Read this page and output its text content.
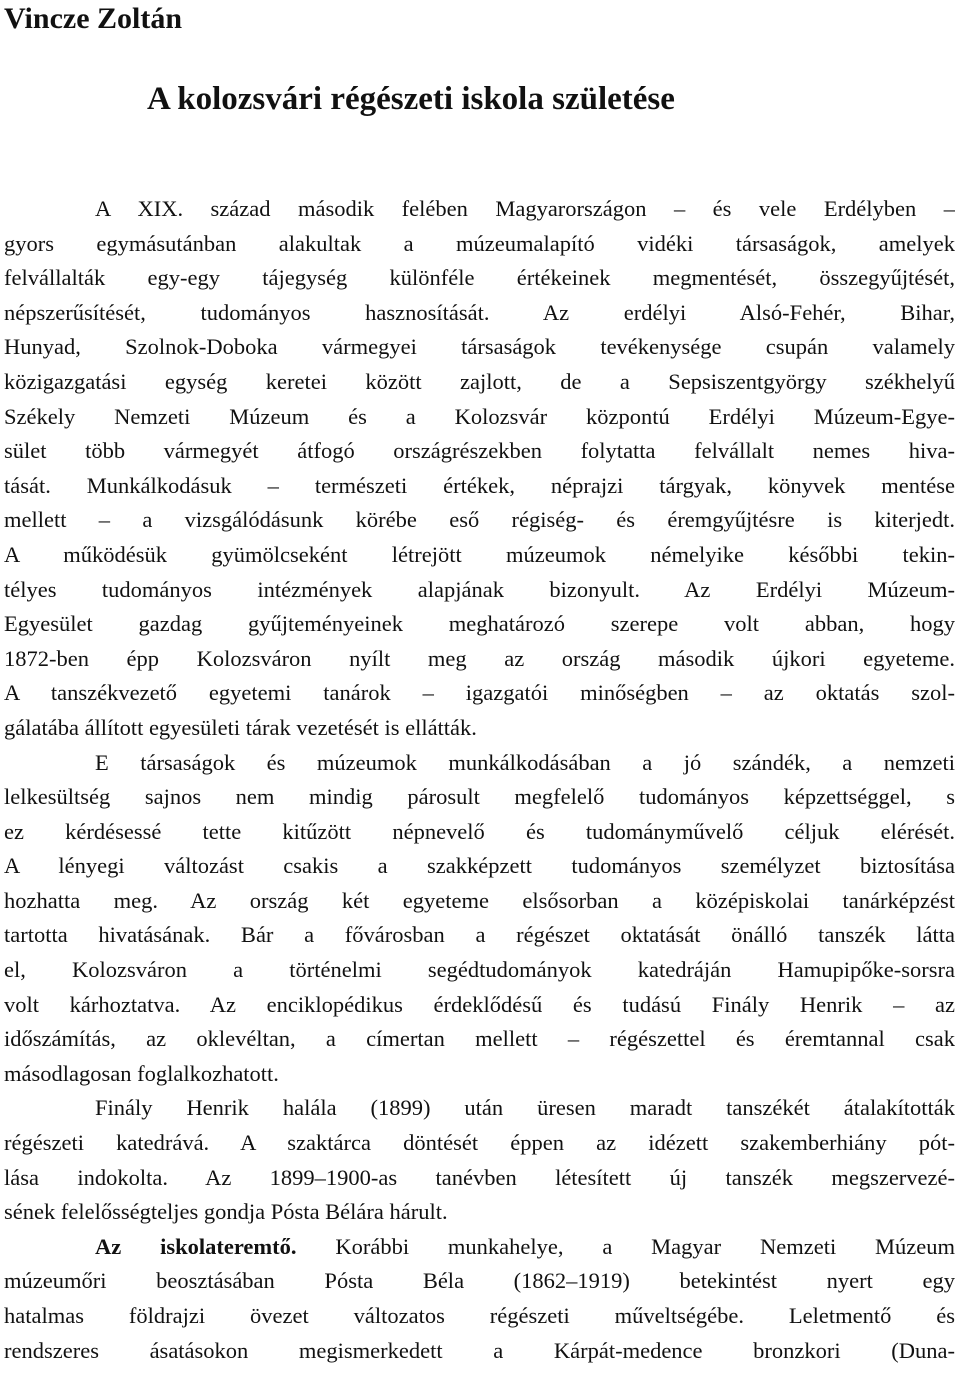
Vincze Zoltán
A kolozsvári régészeti iskola születése
A XIX. század második felében Magyarországon – és vele Erdélyben –
gyors egymásutánban alakultak a múzeumalapító vidéki társaságok, amelyek
felvállalták egy-egy tájegység különféle értékeinek megmentését, összegyűjtését,
népszerűsítését, tudományos hasznosítását. Az erdélyi Alsó-Fehér, Bihar,
Hunyad, Szolnok-Doboka vármegyei társaságok tevékenysége csupán valamely
közigazgatási egység keretei között zajlott, de a Sepsiszentgyörgy székhelyű
Székely Nemzeti Múzeum és a Kolozsvár központú Erdélyi Múzeum-Egye-
sület több vármegyét átfogó országrészekben folytatta felvállalt nemes hiva-
tását. Munkálkodásuk – természeti értékek, néprajzi tárgyak, könyvek mentése
mellett – a vizsgálódásunk körébe eső régiség- és éremgyűjtésre is kiterjedt.
A működésük gyümölcseként létrejött múzeumok némelyike későbbi tekin-
télyes tudományos intézmények alapjának bizonyult. Az Erdélyi Múzeum-
Egyesület gazdag gyűjteményeinek meghatározó szerepe volt abban, hogy
1872-ben épp Kolozsváron nyílt meg az ország második újkori egyeteme.
A tanszékvezető egyetemi tanárok – igazgatói minőségben – az oktatás szol-
gálatába állított egyesületi tárak vezetését is ellátták.
E társaságok és múzeumok munkálkodásában a jó szándék, a nemzeti
lelkesültség sajnos nem mindig párosult megfelelő tudományos képzettséggel, s
ez kérdésessé tette kitűzött népnevelő és tudományművelő céljuk elérését.
A lényegi változást csakis a szakképzett tudományos személyzet biztosítása
hozhatta meg. Az ország két egyeteme elsősorban a középiskolai tanárképzést
tartotta hivatásának. Bár a fővárosban a régészet oktatását önálló tanszék látta
el, Kolozsváron a történelmi segédtudományok katedráján Hamupipőke-sorsra
volt kárhoztatva. Az enciklopédikus érdeklődésű és tudású Finály Henrik – az
időszámítás, az oklevéltan, a címertan mellett – régészettel és éremtannal csak
másodlagosan foglalkozhatott.
Finály Henrik halála (1899) után üresen maradt tanszékét átalakították
régészeti katedrává. A szaktárca döntését éppen az idézett szakemberhiány pót-
lása indokolta. Az 1899–1900-as tanévben létesített új tanszék megszervezé-
sének felelősségteljes gondja Pósta Bélára hárult.
Az iskolateremtő. Korábbi munkahelye, a Magyar Nemzeti Múzeum
múzeumőri beosztásában Pósta Béla (1862–1919) betekintést nyert egy
hatalmas földrajzi övezet változatos régészeti műveltségébe. Leletmentő és
rendszeres ásatásokon megismerkedett a Kárpát-medence bronzkori (Duna-
